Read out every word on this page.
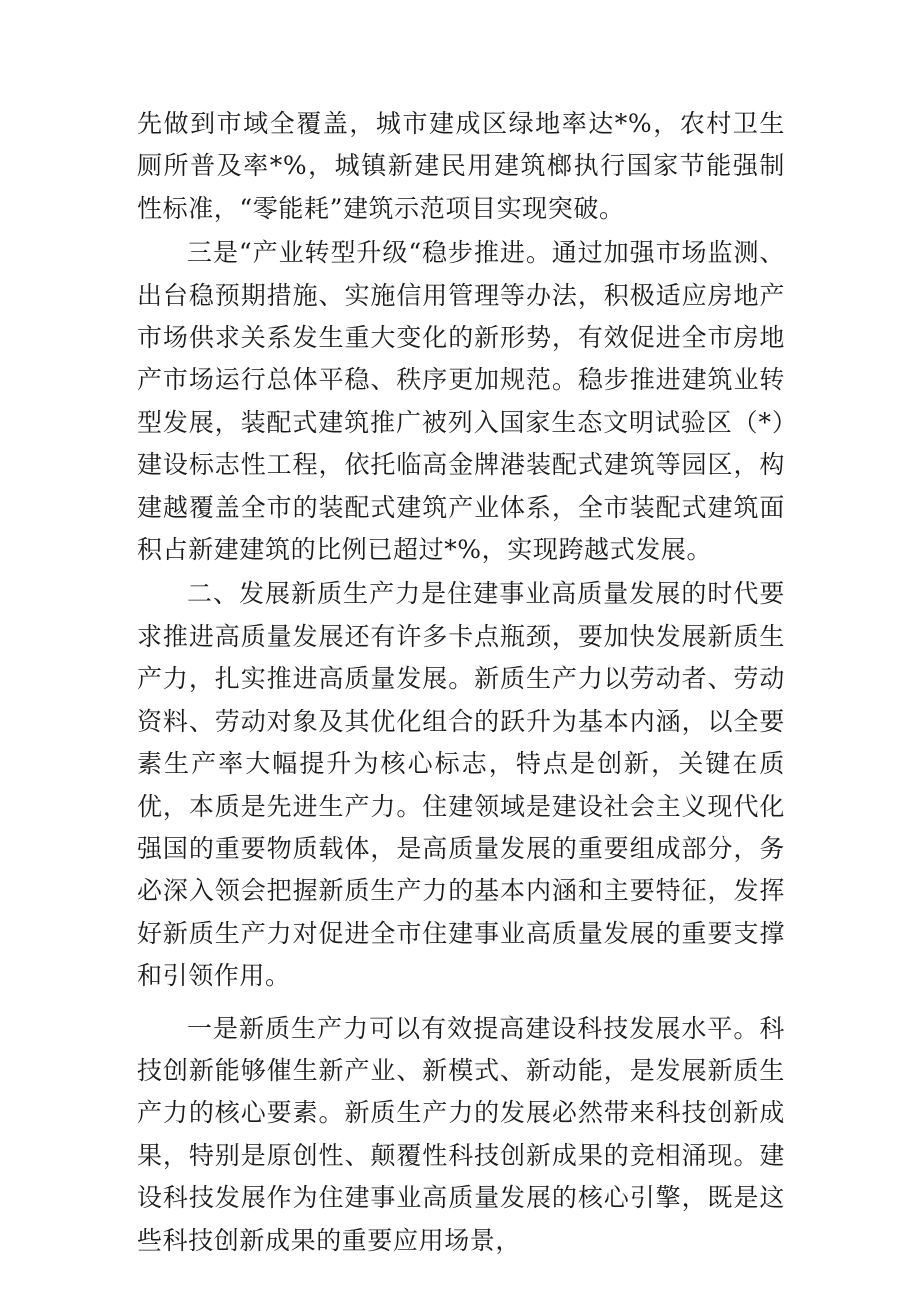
先做到市域全覆盖，城市建成区绿地率达*%，农村卫生厕所普及率*%，城镇新建民用建筑榔执行国家节能强制性标准，“零能耗”建筑示范项目实现突破。

三是“产业转型升级“稳步推进。通过加强市场监测、出台稳预期措施、实施信用管理等办法，积极适应房地产市场供求关系发生重大变化的新形势，有效促进全市房地产市场运行总体平稳、秩序更加规范。稳步推进建筑业转型发展，装配式建筑推广被列入国家生态文明试验区（*）建设标志性工程，依托临高金牌港装配式建筑等园区，构建越覆盖全市的装配式建筑产业体系，全市装配式建筑面积占新建建筑的比例已超过*%，实现跨越式发展。

二、发展新质生产力是住建事业高质量发展的时代要求推进高质量发展还有许多卡点瓶颈，要加快发展新质生产力，扎实推进高质量发展。新质生产力以劳动者、劳动资料、劳动对象及其优化组合的跃升为基本内涵，以全要素生产率大幅提升为核心标志，特点是创新，关键在质优，本质是先进生产力。住建领域是建设社会主义现代化强国的重要物质载体，是高质量发展的重要组成部分，务必深入领会把握新质生产力的基本内涵和主要特征，发挥好新质生产力对促进全市住建事业高质量发展的重要支撑和引领作用。

一是新质生产力可以有效提高建设科技发展水平。科技创新能够催生新产业、新模式、新动能，是发展新质生产力的核心要素。新质生产力的发展必然带来科技创新成果，特别是原创性、颠覆性科技创新成果的竞相涌现。建设科技发展作为住建事业高质量发展的核心引擎，既是这些科技创新成果的重要应用场景，
